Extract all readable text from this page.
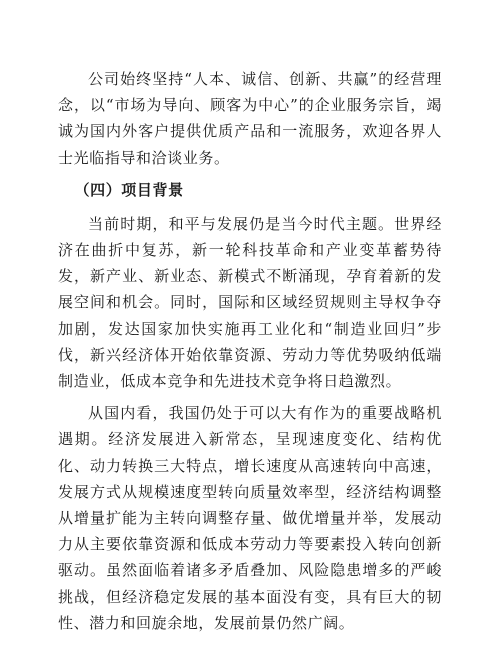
公司始终坚持“人本、诚信、创新、共赢”的经营理念，以“市场为导向、顾客为中心”的企业服务宗旨，竭诚为国内外客户提供优质产品和一流服务，欢迎各界人士光临指导和洽谈业务。

（四）项目背景

当前时期，和平与发展仍是当今时代主题。世界经济在曲折中复苏，新一轮科技革命和产业变革蓄势待发，新产业、新业态、新模式不断涌现，孕育着新的发展空间和机会。同时，国际和区域经贸规则主导权争夺加剧，发达国家加快实施再工业化和“制造业回归”步伐，新兴经济体开始依靠资源、劳动力等优势吸纳低端制造业，低成本竞争和先进技术竞争将日趋激烈。

从国内看，我国仍处于可以大有作为的重要战略机遇期。经济发展进入新常态，呈现速度变化、结构优化、动力转换三大特点，增长速度从高速转向中高速，发展方式从规模速度型转向质量效率型，经济结构调整从增量扩能为主转向调整存量、做优增量并举，发展动力从主要依靠资源和低成本劳动力等要素投入转向创新驱动。虽然面临着诸多矛盾叠加、风险隐患增多的严峻挑战，但经济稳定发展的基本面没有变，具有巨大的韧性、潜力和回旋余地，发展前景仍然广阔。
